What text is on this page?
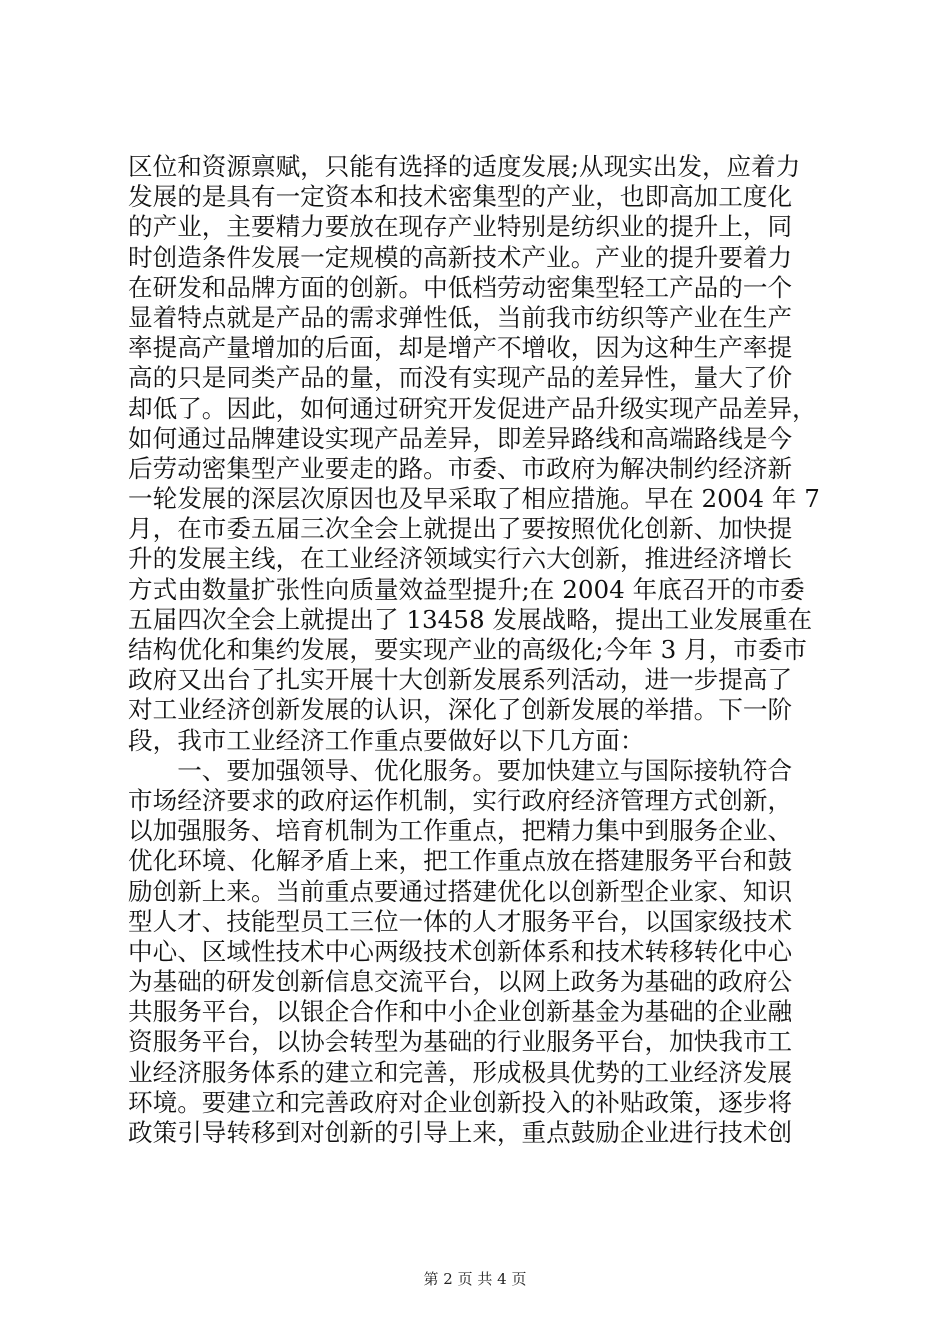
区位和资源禀赋，只能有选择的适度发展;从现实出发，应着力
发展的是具有一定资本和技术密集型的产业，也即高加工度化
的产业，主要精力要放在现存产业特别是纺织业的提升上，同
时创造条件发展一定规模的高新技术产业。产业的提升要着力
在研发和品牌方面的创新。中低档劳动密集型轻工产品的一个
显着特点就是产品的需求弹性低，当前我市纺织等产业在生产
率提高产量增加的后面，却是增产不增收，因为这种生产率提
高的只是同类产品的量，而没有实现产品的差异性，量大了价
却低了。因此，如何通过研究开发促进产品升级实现产品差异，
如何通过品牌建设实现产品差异，即差异路线和高端路线是今
后劳动密集型产业要走的路。市委、市政府为解决制约经济新
一轮发展的深层次原因也及早采取了相应措施。早在 2004 年 7
月，在市委五届三次全会上就提出了要按照优化创新、加快提
升的发展主线，在工业经济领域实行六大创新，推进经济增长
方式由数量扩张性向质量效益型提升;在 2004 年底召开的市委
五届四次全会上就提出了 13458 发展战略，提出工业发展重在
结构优化和集约发展，要实现产业的高级化;今年 3 月，市委市
政府又出台了扎实开展十大创新发展系列活动，进一步提高了
对工业经济创新发展的认识，深化了创新发展的举措。下一阶
段，我市工业经济工作重点要做好以下几方面：
　　一、要加强领导、优化服务。要加快建立与国际接轨符合
市场经济要求的政府运作机制，实行政府经济管理方式创新，
以加强服务、培育机制为工作重点，把精力集中到服务企业、
优化环境、化解矛盾上来，把工作重点放在搭建服务平台和鼓
励创新上来。当前重点要通过搭建优化以创新型企业家、知识
型人才、技能型员工三位一体的人才服务平台，以国家级技术
中心、区域性技术中心两级技术创新体系和技术转移转化中心
为基础的研发创新信息交流平台，以网上政务为基础的政府公
共服务平台，以银企合作和中小企业创新基金为基础的企业融
资服务平台，以协会转型为基础的行业服务平台，加快我市工
业经济服务体系的建立和完善，形成极具优势的工业经济发展
环境。要建立和完善政府对企业创新投入的补贴政策，逐步将
政策引导转移到对创新的引导上来，重点鼓励企业进行技术创
第 2 页 共 4 页
